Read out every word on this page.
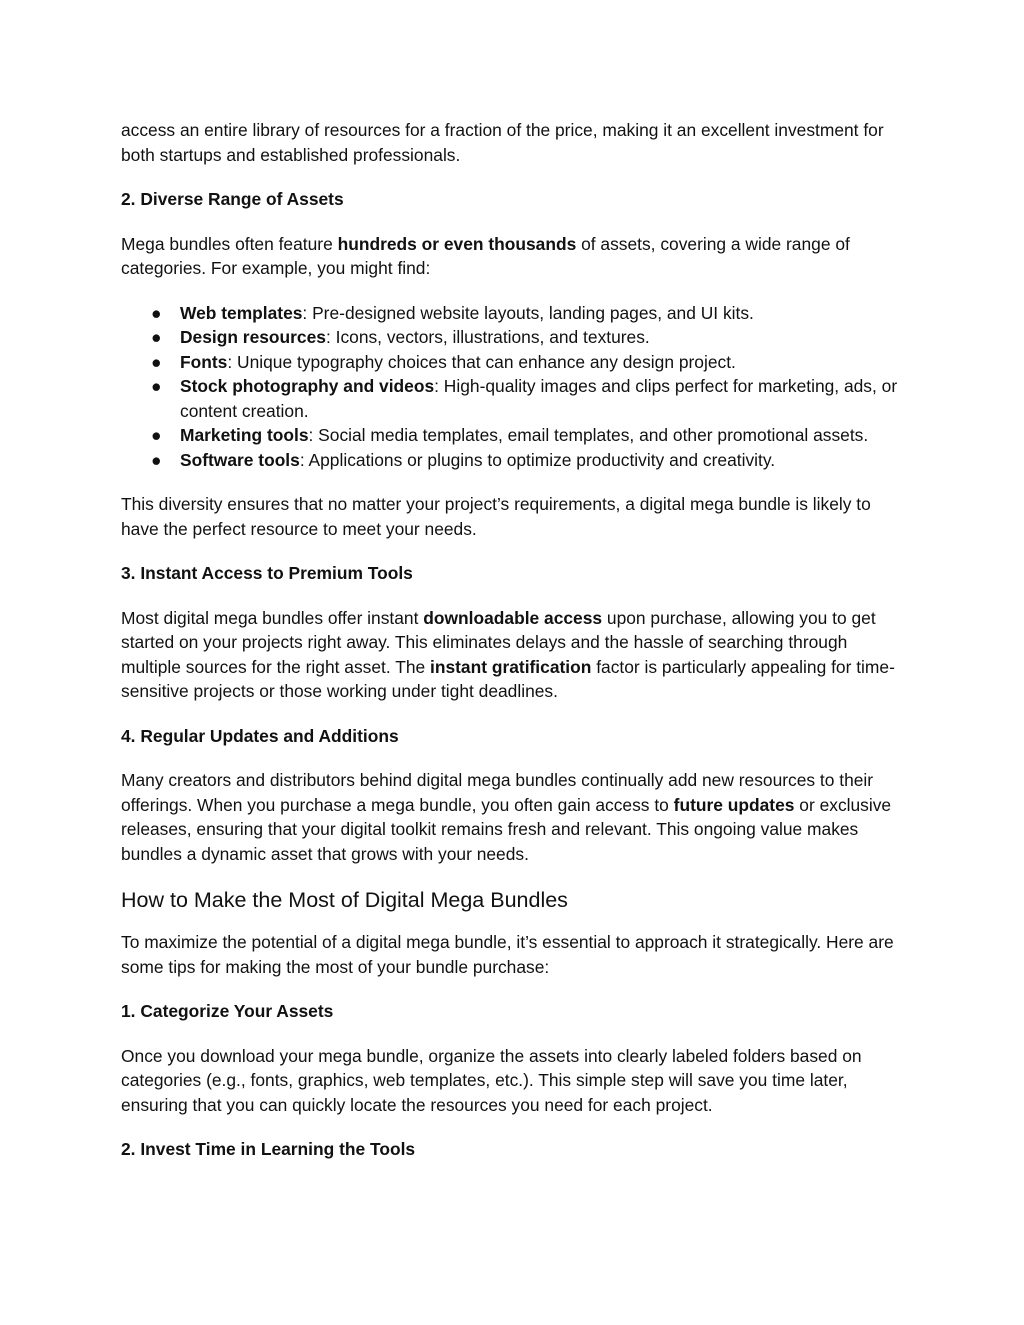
access an entire library of resources for a fraction of the price, making it an excellent investment for both startups and established professionals.

2. Diverse Range of Assets

Mega bundles often feature hundreds or even thousands of assets, covering a wide range of categories. For example, you might find:

● Web templates: Pre-designed website layouts, landing pages, and UI kits.
● Design resources: Icons, vectors, illustrations, and textures.
● Fonts: Unique typography choices that can enhance any design project.
● Stock photography and videos: High-quality images and clips perfect for marketing, ads, or content creation.
● Marketing tools: Social media templates, email templates, and other promotional assets.
● Software tools: Applications or plugins to optimize productivity and creativity.

This diversity ensures that no matter your project’s requirements, a digital mega bundle is likely to have the perfect resource to meet your needs.

3. Instant Access to Premium Tools

Most digital mega bundles offer instant downloadable access upon purchase, allowing you to get started on your projects right away. This eliminates delays and the hassle of searching through multiple sources for the right asset. The instant gratification factor is particularly appealing for time-sensitive projects or those working under tight deadlines.

4. Regular Updates and Additions

Many creators and distributors behind digital mega bundles continually add new resources to their offerings. When you purchase a mega bundle, you often gain access to future updates or exclusive releases, ensuring that your digital toolkit remains fresh and relevant. This ongoing value makes bundles a dynamic asset that grows with your needs.

How to Make the Most of Digital Mega Bundles

To maximize the potential of a digital mega bundle, it’s essential to approach it strategically. Here are some tips for making the most of your bundle purchase:

1. Categorize Your Assets

Once you download your mega bundle, organize the assets into clearly labeled folders based on categories (e.g., fonts, graphics, web templates, etc.). This simple step will save you time later, ensuring that you can quickly locate the resources you need for each project.

2. Invest Time in Learning the Tools
